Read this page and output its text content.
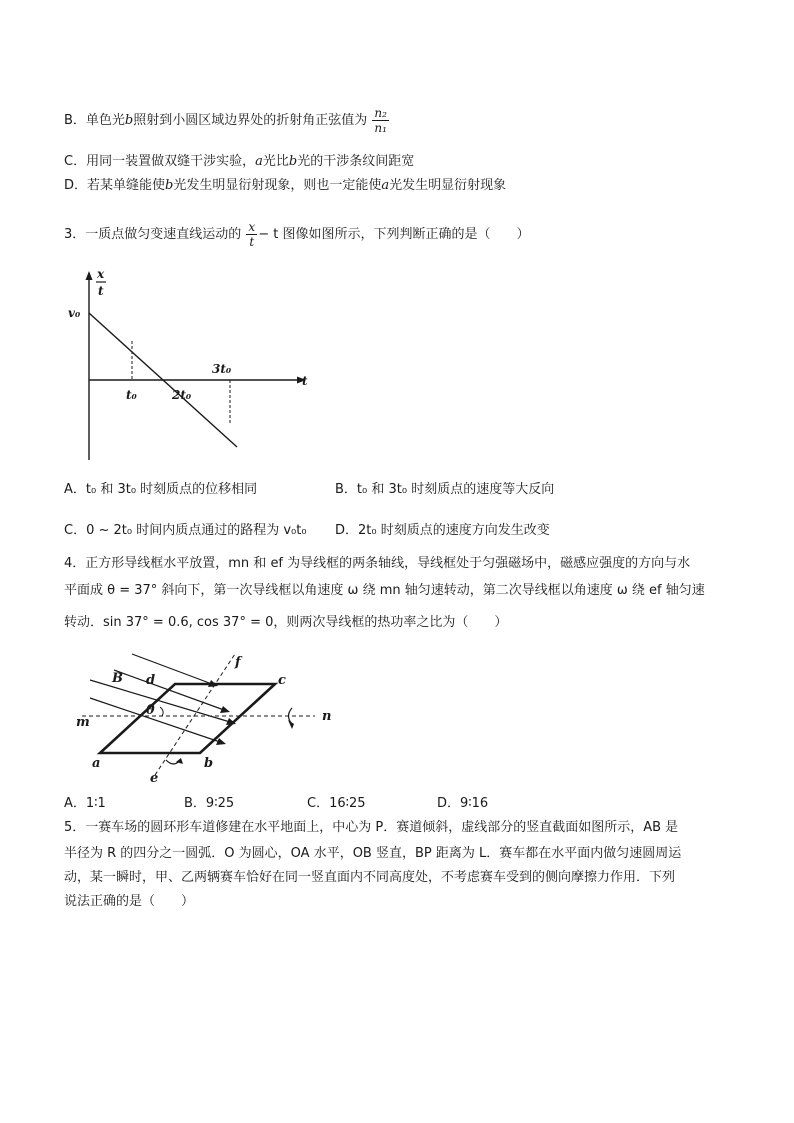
B．单色光b照射到小圆区域边界处的折射角正弦值为 $\frac{\text{n₂}}{\text{n₁}}$
C．用同一装置做双缝干涉实验，a光比b光的干涉条纹间距宽
D．若某单缝能使b光发生明显衍射现象，则也一定能使a光发生明显衍射现象
3．一质点做匀变速直线运动的 $\frac{x}{t} - t$ 图像如图所示，下列判断正确的是（　　）
x
t
v₀
t₀	2t₀
3t₀
t
A．t₀ 和 3t₀ 时刻质点的位移相同	B．t₀ 和 3t₀ 时刻质点的速度等大反向
C．0 ~ 2t₀ 时间内质点通过的路程为 v₀t₀ D．2t₀ 时刻质点的速度方向发生改变
4．正方形导线框水平放置，mn 和 ef 为导线框的两条轴线，导线框处于匀强磁场中，磁感应强度的方向与水
平面成 θ = 37° 斜向下，第一次导线框以角速度 ω 绕 mn 轴匀速转动，第二次导线框以角速度 ω 绕 ef 轴匀速
转动．sin 37° = 0.6, cos 37° = 0，则两次导线框的热功率之比为（　　）
a	b
c
d
e
f
m	n
B
θ
A．1∶1	B．9∶25	C．16∶25	D．9∶16
5．一赛车场的圆环形车道修建在水平地面上，中心为 P．赛道倾斜，虚线部分的竖直截面如图所示，AB 是
半径为 R 的四分之一圆弧．O 为圆心，OA 水平，OB 竖直，BP 距离为 L．赛车都在水平面内做匀速圆周运
动，某一瞬时，甲、乙两辆赛车恰好在同一竖直面内不同高度处，不考虑赛车受到的侧向摩擦力作用．下列
说法正确的是（　　）
